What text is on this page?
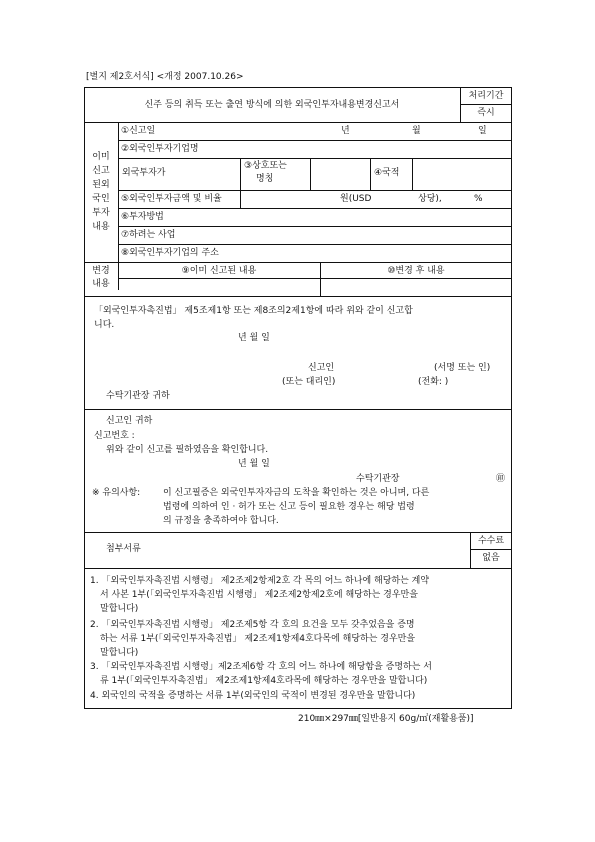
[별지 제2호서식] <개정 2007.10.26>
신주 등의 취득 또는 출연 방식에 의한 외국인투자내용변경신고서
처리기간
즉시
이미
신고
된외
국인
투자
내용
①신고일	년	월	일
②외국인투자기업명
외국투자가
③상호또는
명칭
④국적
⑤외국인투자금액 및 비율	원(USD	상당),	%
⑥투자방법
⑦하려는 사업
⑧외국인투자기업의 주소
변경
내용
⑨이미 신고된 내용	⑩변경 후 내용
「외국인투자촉진법」 제5조제1항 또는 제8조의2제1항에 따라 위와 같이 신고합
니다.
년 월 일
신고인	(서명 또는 인)
(또는 대리인)	(전화: )
수탁기관장 귀하
신고인 귀하
신고번호 :
위와 같이 신고를 필하였음을 확인합니다.
년 월 일
수탁기관장	㊞
※ 유의사항:	이 신고필증은 외국인투자자금의 도착을 확인하는 것은 아니며, 다른
법령에 의하여 인 · 허가 또는 신고 등이 필요한 경우는 해당 법령
의 규정을 충족하여야 합니다.
첨부서류
수수료
없음
1. 「외국인투자촉진법 시행령」 제2조제2항제2호 각 목의 어느 하나에 해당하는 계약
서 사본 1부(「외국인투자촉진법 시행령」 제2조제2항제2호에 해당하는 경우만을
말합니다)
2. 「외국인투자촉진법 시행령」 제2조제5항 각 호의 요건을 모두 갖추었음을 증명
하는 서류 1부(「외국인투자촉진법」 제2조제1항제4호다목에 해당하는 경우만을
말합니다)
3. 「외국인투자촉진법 시행령」제2조제6항 각 호의 어느 하나에 해당함을 증명하는 서
류 1부(「외국인투자촉진법」 제2조제1항제4호라목에 해당하는 경우만을 말합니다)
4. 외국인의 국적을 증명하는 서류 1부(외국인의 국적이 변경된 경우만을 말합니다)
210㎜×297㎜[일반용지 60g/㎡(재활용품)]
